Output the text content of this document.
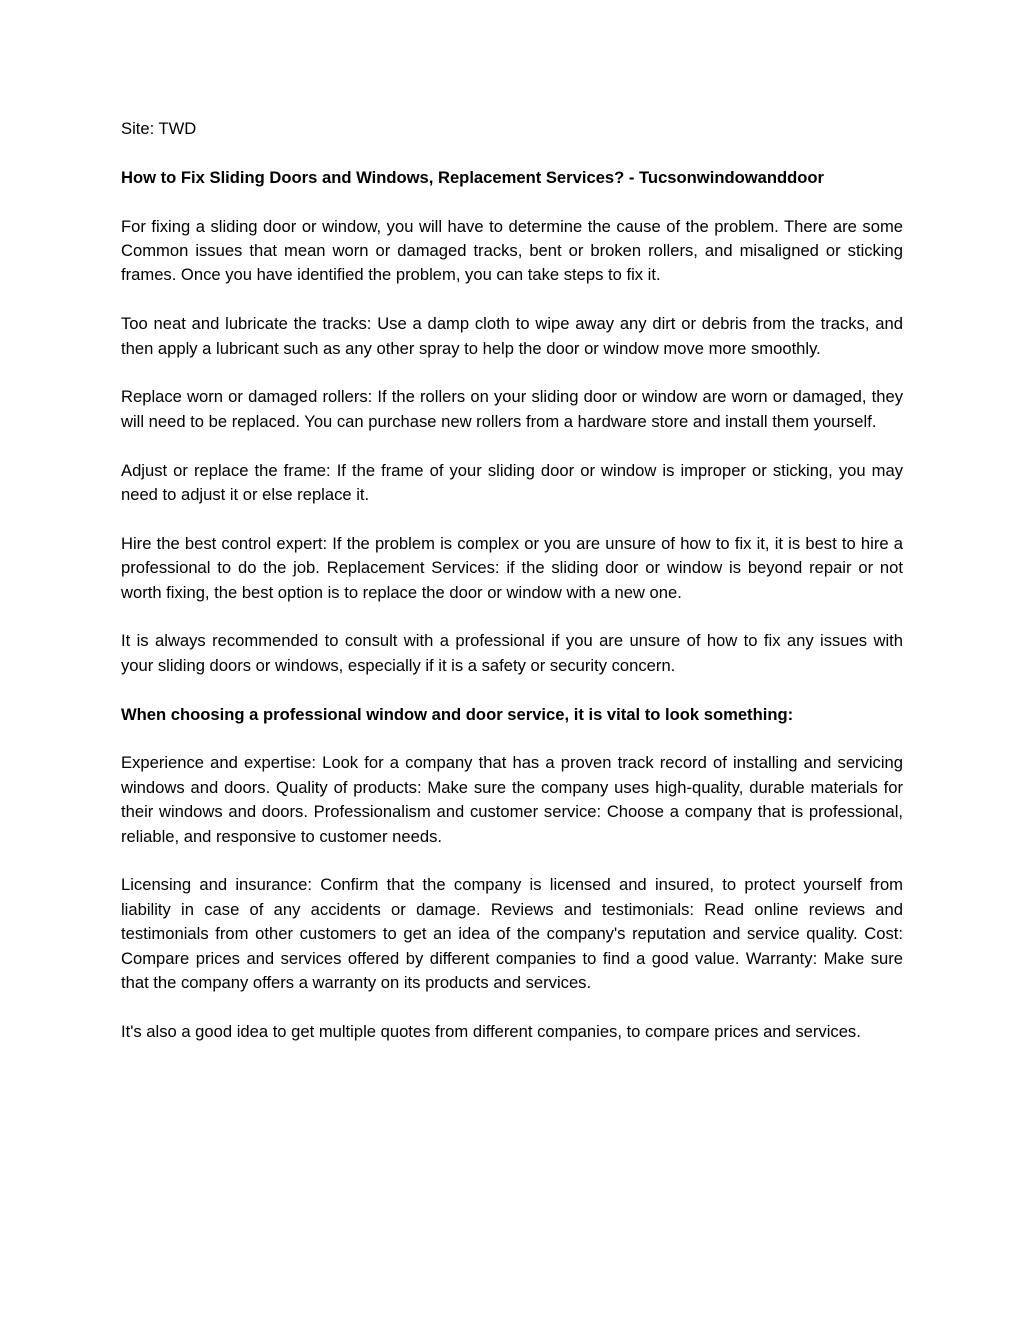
Site: TWD

How to Fix Sliding Doors and Windows, Replacement Services? - Tucsonwindowanddoor

For fixing a sliding door or window, you will have to determine the cause of the problem. There are some Common issues that mean worn or damaged tracks, bent or broken rollers, and misaligned or sticking frames. Once you have identified the problem, you can take steps to fix it.

Too neat and lubricate the tracks: Use a damp cloth to wipe away any dirt or debris from the tracks, and then apply a lubricant such as any other spray to help the door or window move more smoothly.

Replace worn or damaged rollers: If the rollers on your sliding door or window are worn or damaged, they will need to be replaced. You can purchase new rollers from a hardware store and install them yourself.

Adjust or replace the frame: If the frame of your sliding door or window is improper or sticking, you may need to adjust it or else replace it.

Hire the best control expert: If the problem is complex or you are unsure of how to fix it, it is best to hire a professional to do the job. Replacement Services: if the sliding door or window is beyond repair or not worth fixing, the best option is to replace the door or window with a new one.

It is always recommended to consult with a professional if you are unsure of how to fix any issues with your sliding doors or windows, especially if it is a safety or security concern.

When choosing a professional window and door service, it is vital to look something:

Experience and expertise: Look for a company that has a proven track record of installing and servicing windows and doors. Quality of products: Make sure the company uses high-quality, durable materials for their windows and doors. Professionalism and customer service: Choose a company that is professional, reliable, and responsive to customer needs.

Licensing and insurance: Confirm that the company is licensed and insured, to protect yourself from liability in case of any accidents or damage. Reviews and testimonials: Read online reviews and testimonials from other customers to get an idea of the company's reputation and service quality. Cost: Compare prices and services offered by different companies to find a good value. Warranty: Make sure that the company offers a warranty on its products and services.

It's also a good idea to get multiple quotes from different companies, to compare prices and services.
